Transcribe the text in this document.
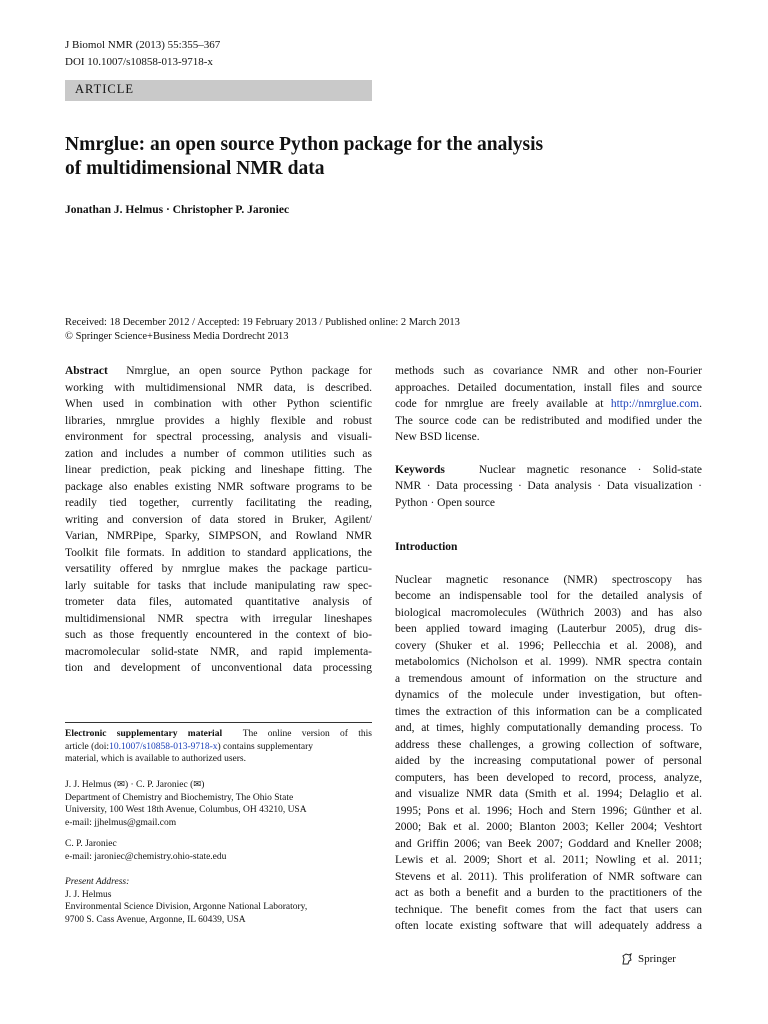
J Biomol NMR (2013) 55:355–367
DOI 10.1007/s10858-013-9718-x
ARTICLE
Nmrglue: an open source Python package for the analysis
of multidimensional NMR data
Jonathan J. Helmus · Christopher P. Jaroniec
Received: 18 December 2012 / Accepted: 19 February 2013 / Published online: 2 March 2013
© Springer Science+Business Media Dordrecht 2013
Abstract Nmrglue, an open source Python package for
working with multidimensional NMR data, is described.
When used in combination with other Python scientific
libraries, nmrglue provides a highly flexible and robust
environment for spectral processing, analysis and visuali-
zation and includes a number of common utilities such as
linear prediction, peak picking and lineshape fitting. The
package also enables existing NMR software programs to be
readily tied together, currently facilitating the reading,
writing and conversion of data stored in Bruker, Agilent/
Varian, NMRPipe, Sparky, SIMPSON, and Rowland NMR
Toolkit file formats. In addition to standard applications, the
versatility offered by nmrglue makes the package particu-
larly suitable for tasks that include manipulating raw spec-
trometer data files, automated quantitative analysis of
multidimensional NMR spectra with irregular lineshapes
such as those frequently encountered in the context of bio-
macromolecular solid-state NMR, and rapid implementa-
tion and development of unconventional data processing
Electronic supplementary material The online version of this
article (doi:10.1007/s10858-013-9718-x) contains supplementary
material, which is available to authorized users.
J. J. Helmus (✉) · C. P. Jaroniec (✉)
Department of Chemistry and Biochemistry, The Ohio State
University, 100 West 18th Avenue, Columbus, OH 43210, USA
e-mail: jjhelmus@gmail.com
C. P. Jaroniec
e-mail: jaroniec@chemistry.ohio-state.edu
Present Address:
J. J. Helmus
Environmental Science Division, Argonne National Laboratory,
9700 S. Cass Avenue, Argonne, IL 60439, USA
methods such as covariance NMR and other non-Fourier
approaches. Detailed documentation, install files and source
code for nmrglue are freely available at http://nmrglue.com.
The source code can be redistributed and modified under the
New BSD license.
Keywords	Nuclear magnetic resonance · Solid-state
NMR · Data processing · Data analysis · Data visualization ·
Python · Open source
Introduction
Nuclear magnetic resonance (NMR) spectroscopy has
become an indispensable tool for the detailed analysis of
biological macromolecules (Wüthrich 2003) and has also
been applied toward imaging (Lauterbur 2005), drug dis-
covery (Shuker et al. 1996; Pellecchia et al. 2008), and
metabolomics (Nicholson et al. 1999). NMR spectra contain
a tremendous amount of information on the structure and
dynamics of the molecule under investigation, but often-
times the extraction of this information can be a complicated
and, at times, highly computationally demanding process. To
address these challenges, a growing collection of software,
aided by the increasing computational power of personal
computers, has been developed to record, process, analyze,
and visualize NMR data (Smith et al. 1994; Delaglio et al.
1995; Pons et al. 1996; Hoch and Stern 1996; Günther et al.
2000; Bak et al. 2000; Blanton 2003; Keller 2004; Veshtort
and Griffin 2006; van Beek 2007; Goddard and Kneller 2008;
Lewis et al. 2009; Short et al. 2011; Nowling et al. 2011;
Stevens et al. 2011). This proliferation of NMR software can
act as both a benefit and a burden to the practitioners of the
technique. The benefit comes from the fact that users can
often locate existing software that will adequately address a
Springer
